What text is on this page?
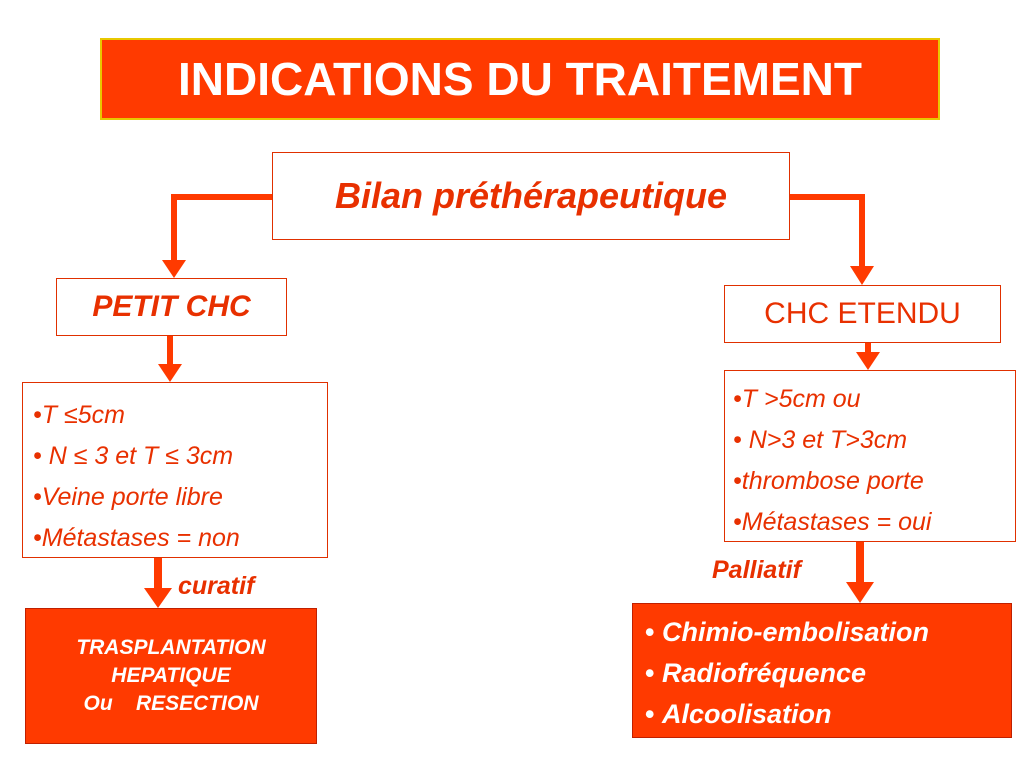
INDICATIONS DU TRAITEMENT
Bilan préthérapeutique
PETIT CHC	CHC ETENDU
•T ≤5cm
• N ≤ 3 et T ≤ 3cm
•Veine porte libre
•Métastases = non
•T >5cm ou
• N>3 et T>3cm
•thrombose porte
•Métastases = oui
curatif
Palliatif
TRASPLANTATION
HEPATIQUE
Ou    RESECTION
• Chimio-embolisation
• Radiofréquence
• Alcoolisation
